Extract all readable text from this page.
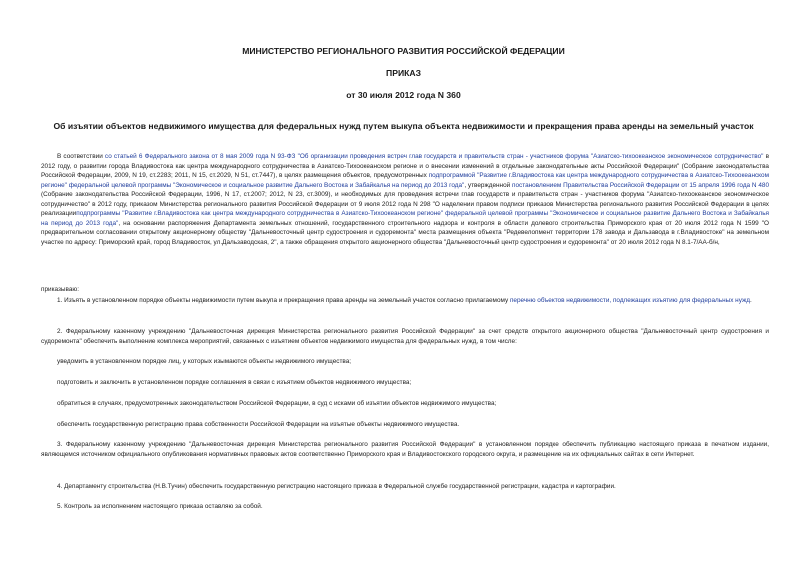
МИНИСТЕРСТВО РЕГИОНАЛЬНОГО РАЗВИТИЯ РОССИЙСКОЙ ФЕДЕРАЦИИ
ПРИКАЗ
от 30 июля 2012 года N 360
Об изъятии объектов недвижимого имущества для федеральных нужд путем выкупа объекта недвижимости и прекращения права аренды на земельный участок
В соответствии со статьей 6 Федерального закона от 8 мая 2009 года N 93-ФЗ "Об организации проведения встреч глав государств и правительств стран - участников форума "Азиатско-тихоокеанское экономическое сотрудничество" в 2012 году, о развитии города Владивостока как центра международного сотрудничества в Азиатско-Тихоокеанском регионе и о внесении изменений в отдельные законодательные акты Российской Федерации" (Собрание законодательства Российской Федерации, 2009, N 19, ст.2283; 2011, N 15, ст.2029, N 51, ст.7447), в целях размещения объектов, предусмотренных подпрограммой "Развитие г.Владивостока как центра международного сотрудничества в Азиатско-Тихоокеанском регионе" федеральной целевой программы "Экономическое и социальное развитие Дальнего Востока и Забайкалья на период до 2013 года", утвержденной постановлением Правительства Российской Федерации от 15 апреля 1996 года N 480 (Собрание законодательства Российской Федерации, 1996, N 17, ст.2007; 2012, N 23, ст.3009), и необходимых для проведения встречи глав государств и правительств стран - участников форума "Азиатско-тихоокеанское экономическое сотрудничество" в 2012 году, приказом Министерства регионального развития Российской Федерации от 9 июля 2012 года N 298 "О наделении правом подписи приказов Министерства регионального развития Российской Федерации в целях реализацииподпрограммы "Развитие г.Владивостока как центра международного сотрудничества в Азиатско-Тихоокеанском регионе" федеральной целевой программы "Экономическое и социальное развитие Дальнего Востока и Забайкалья на период до 2013 года", на основании распоряжения Департамента земельных отношений, государственного строительного надзора и контроля в области долевого строительства Приморского края от 20 июля 2012 года N 1599 "О предварительном согласовании открытому акционерному обществу "Дальневосточный центр судостроения и судоремонта" места размещения объекта "Редевелопмент территории 178 завода и Дальзавода в г.Владивостоке" на земельном участке по адресу: Приморский край, город Владивосток, ул.Дальзаводская, 2", а также обращения открытого акционерного общества "Дальневосточный центр судостроения и судоремонта" от 20 июля 2012 года N 8.1-7/АА-б/н,
приказываю:
1. Изъять в установленном порядке объекты недвижимости путем выкупа и прекращения права аренды на земельный участок согласно прилагаемому перечню объектов недвижимости, подлежащих изъятию для федеральных нужд.
2. Федеральному казенному учреждению "Дальневосточная дирекция Министерства регионального развития Российской Федерации" за счет средств открытого акционерного общества "Дальневосточный центр судостроения и судоремонта" обеспечить выполнение комплекса мероприятий, связанных с изъятием объектов недвижимого имущества для федеральных нужд, в том числе:
уведомить в установленном порядке лиц, у которых изымаются объекты недвижимого имущества;
подготовить и заключить в установленном порядке соглашения в связи с изъятием объектов недвижимого имущества;
обратиться в случаях, предусмотренных законодательством Российской Федерации, в суд с исками об изъятии объектов недвижимого имущества;
обеспечить государственную регистрацию права собственности Российской Федерации на изъятые объекты недвижимого имущества.
3. Федеральному казенному учреждению "Дальневосточная дирекция Министерства регионального развития Российской Федерации" в установленном порядке обеспечить публикацию настоящего приказа в печатном издании, являющемся источником официального опубликования нормативных правовых актов соответственно Приморского края и Владивостокского городского округа, и размещение на их официальных сайтах в сети Интернет.
4. Департаменту строительства (Н.В.Тучин) обеспечить государственную регистрацию настоящего приказа в Федеральной службе государственной регистрации, кадастра и картографии.
5. Контроль за исполнением настоящего приказа оставляю за собой.
